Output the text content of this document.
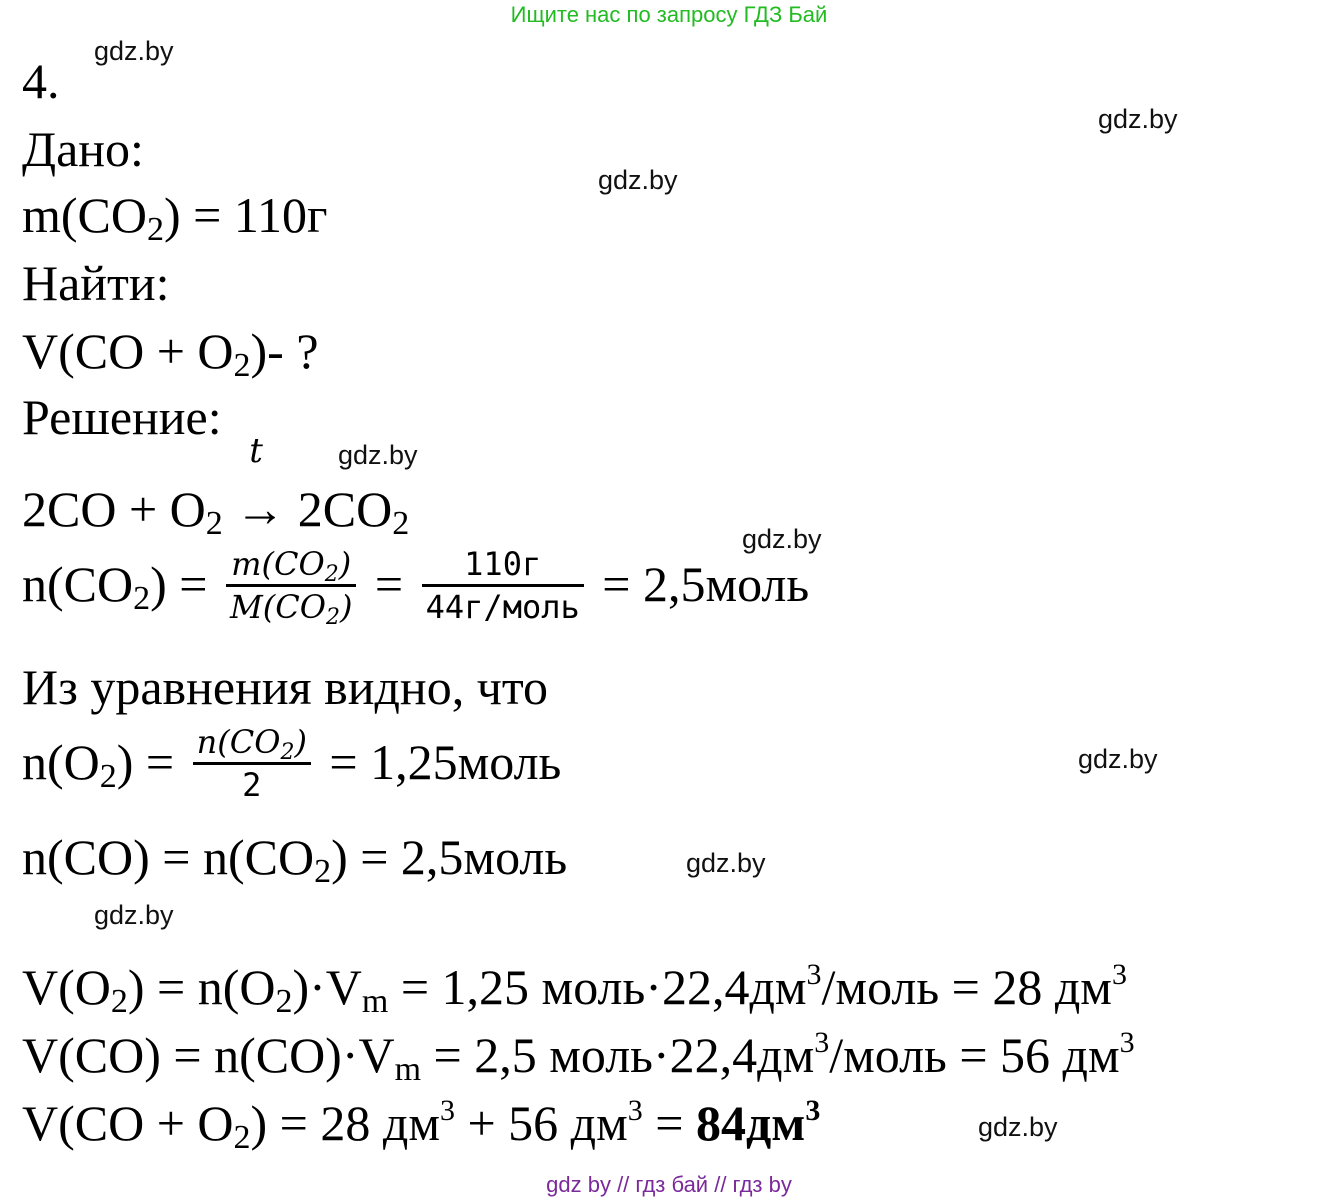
Ищите нас по запросу ГДЗ Бай
gdz.by
gdz.by
gdz.by
gdz.by
gdz.by
gdz.by
gdz.by
gdz.by
gdz.by
4.
Дано:
m(CO2) = 110г
Найти:
V(CO + O2)- ?
Решение:
2CO + O2
t
→ 2CO2
$n(CO2) = \frac{m(CO2)}{M(CO2)} = \frac{110г}{\text{44г/моль}}$ = 2,5моль
Из уравнения видно, что
$n(O2) = \frac{n(CO2)}{2}$ = 1,25моль
n(CO) = n(CO2) = 2,5моль
V(O2) = n(O2)·Vm = 1,25 $моль\cdot 22,4дм^3$/моль = 28 $дм^3$
V(CO) = n(CO)·Vm = 2,5 $моль\cdot 22,4дм^3$/моль = 56 $дм^3$
V(CO + O2) = 28 $дм^3 + 56$ $дм^3 = 84дм^3$
gdz by // гдз бай // гдз by
